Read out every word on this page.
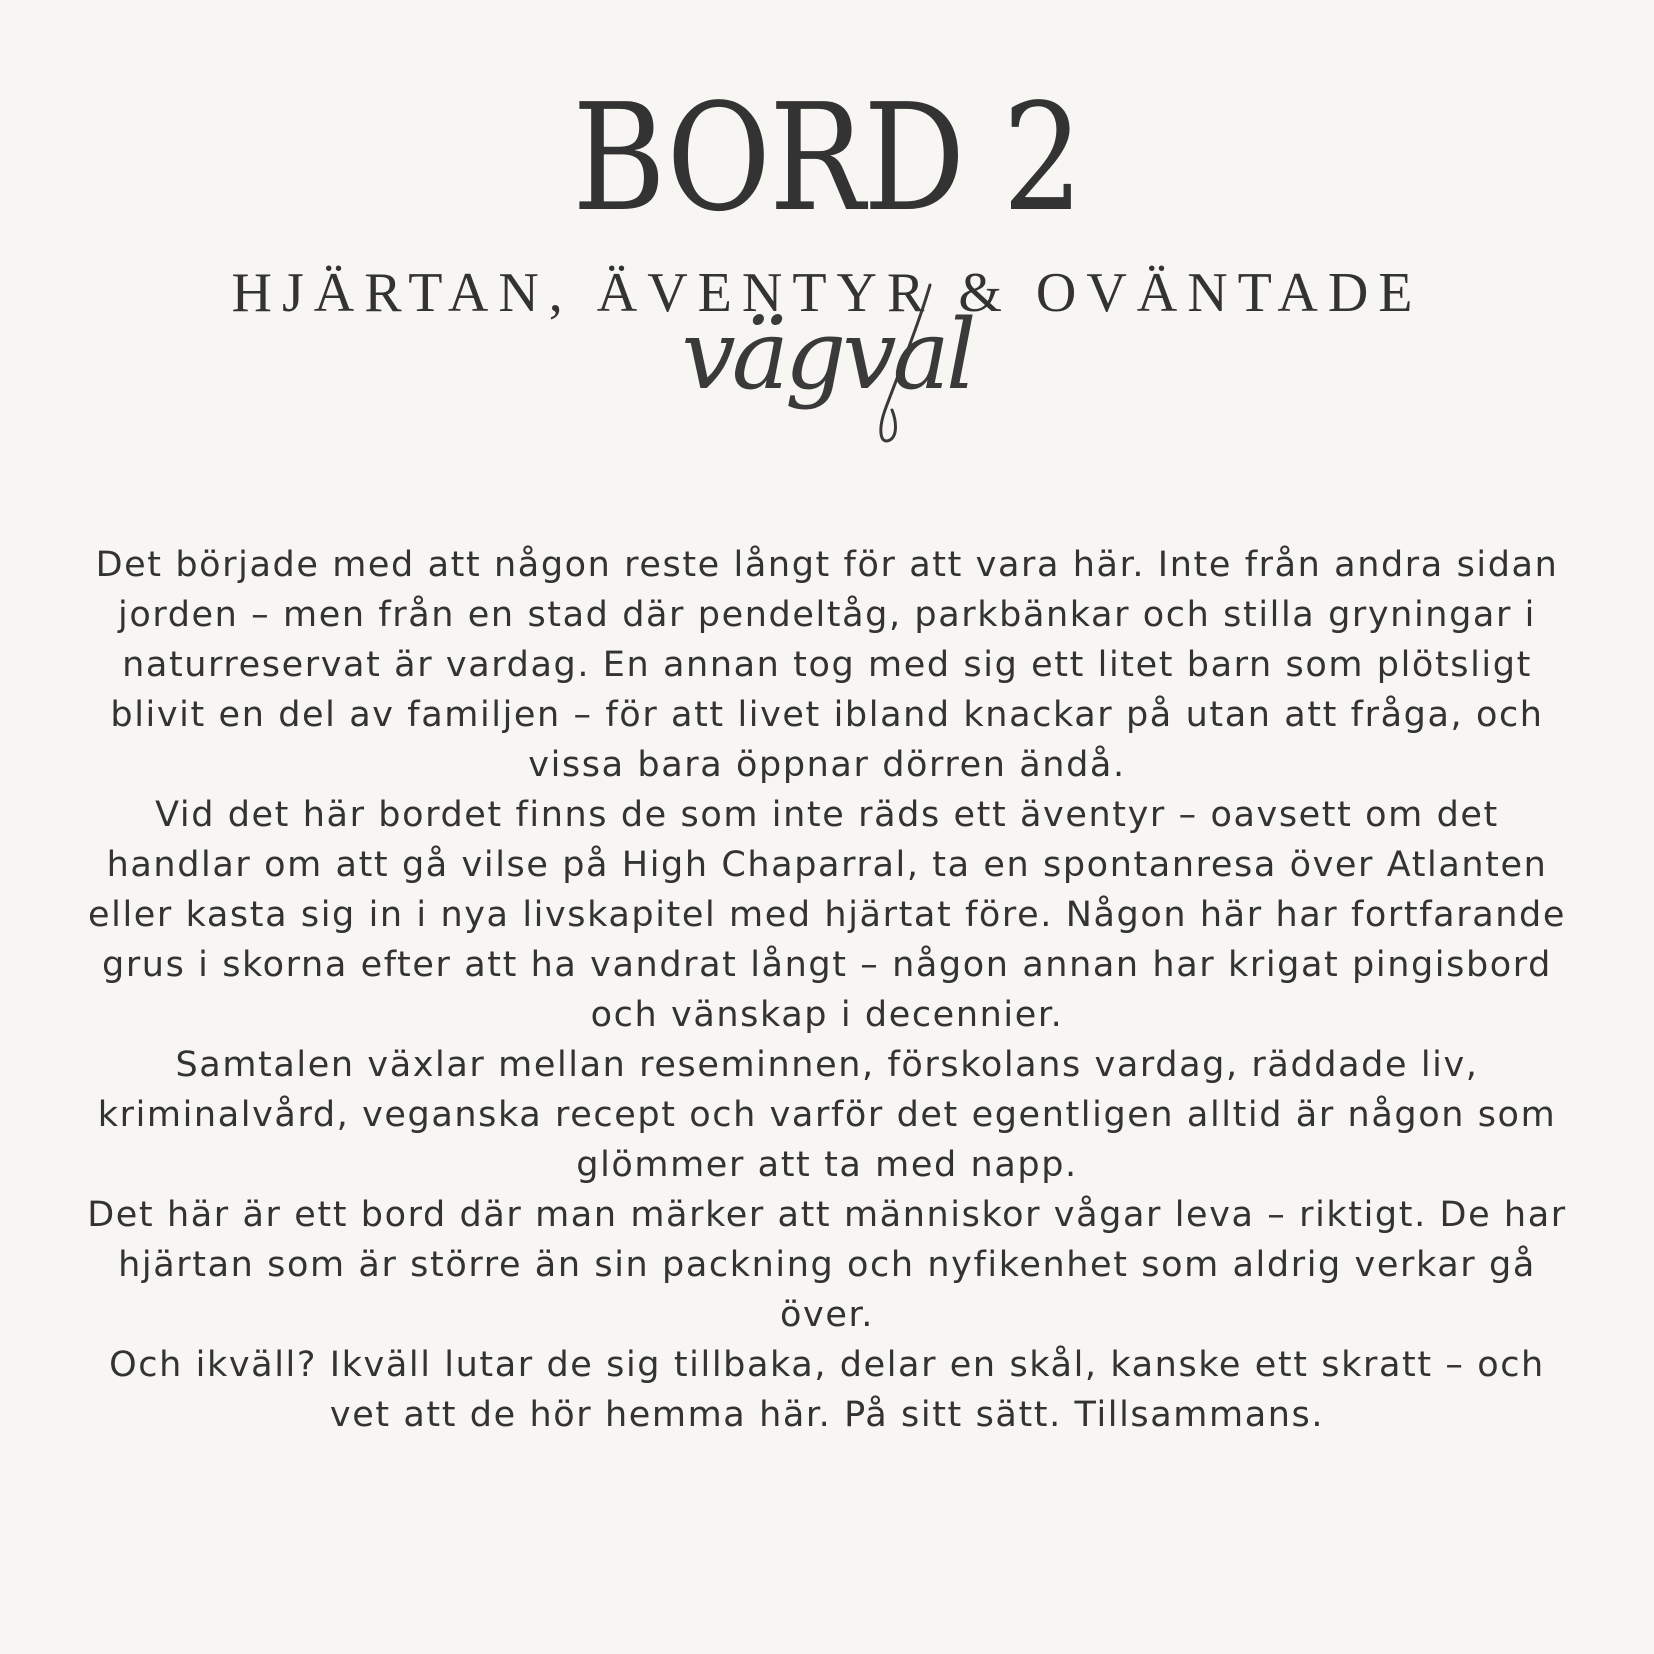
BORD 2
HJÄRTAN, ÄVENTYR & OVÄNTADE
vägval

Det började med att någon reste långt för att vara här. Inte från andra sidan jorden – men från en stad där pendeltåg, parkbänkar och stilla gryningar i naturreservat är vardag. En annan tog med sig ett litet barn som plötsligt blivit en del av familjen – för att livet ibland knackar på utan att fråga, och vissa bara öppnar dörren ändå.

Vid det här bordet finns de som inte räds ett äventyr – oavsett om det handlar om att gå vilse på High Chaparral, ta en spontanresa över Atlanten eller kasta sig in i nya livskapitel med hjärtat före. Någon här har fortfarande grus i skorna efter att ha vandrat långt – någon annan har krigat pingisbord och vänskap i decennier.

Samtalen växlar mellan reseminnen, förskolans vardag, räddade liv, kriminalvård, veganska recept och varför det egentligen alltid är någon som glömmer att ta med napp.

Det här är ett bord där man märker att människor vågar leva – riktigt. De har hjärtan som är större än sin packning och nyfikenhet som aldrig verkar gå över.

Och ikväll? Ikväll lutar de sig tillbaka, delar en skål, kanske ett skratt – och vet att de hör hemma här. På sitt sätt. Tillsammans.
